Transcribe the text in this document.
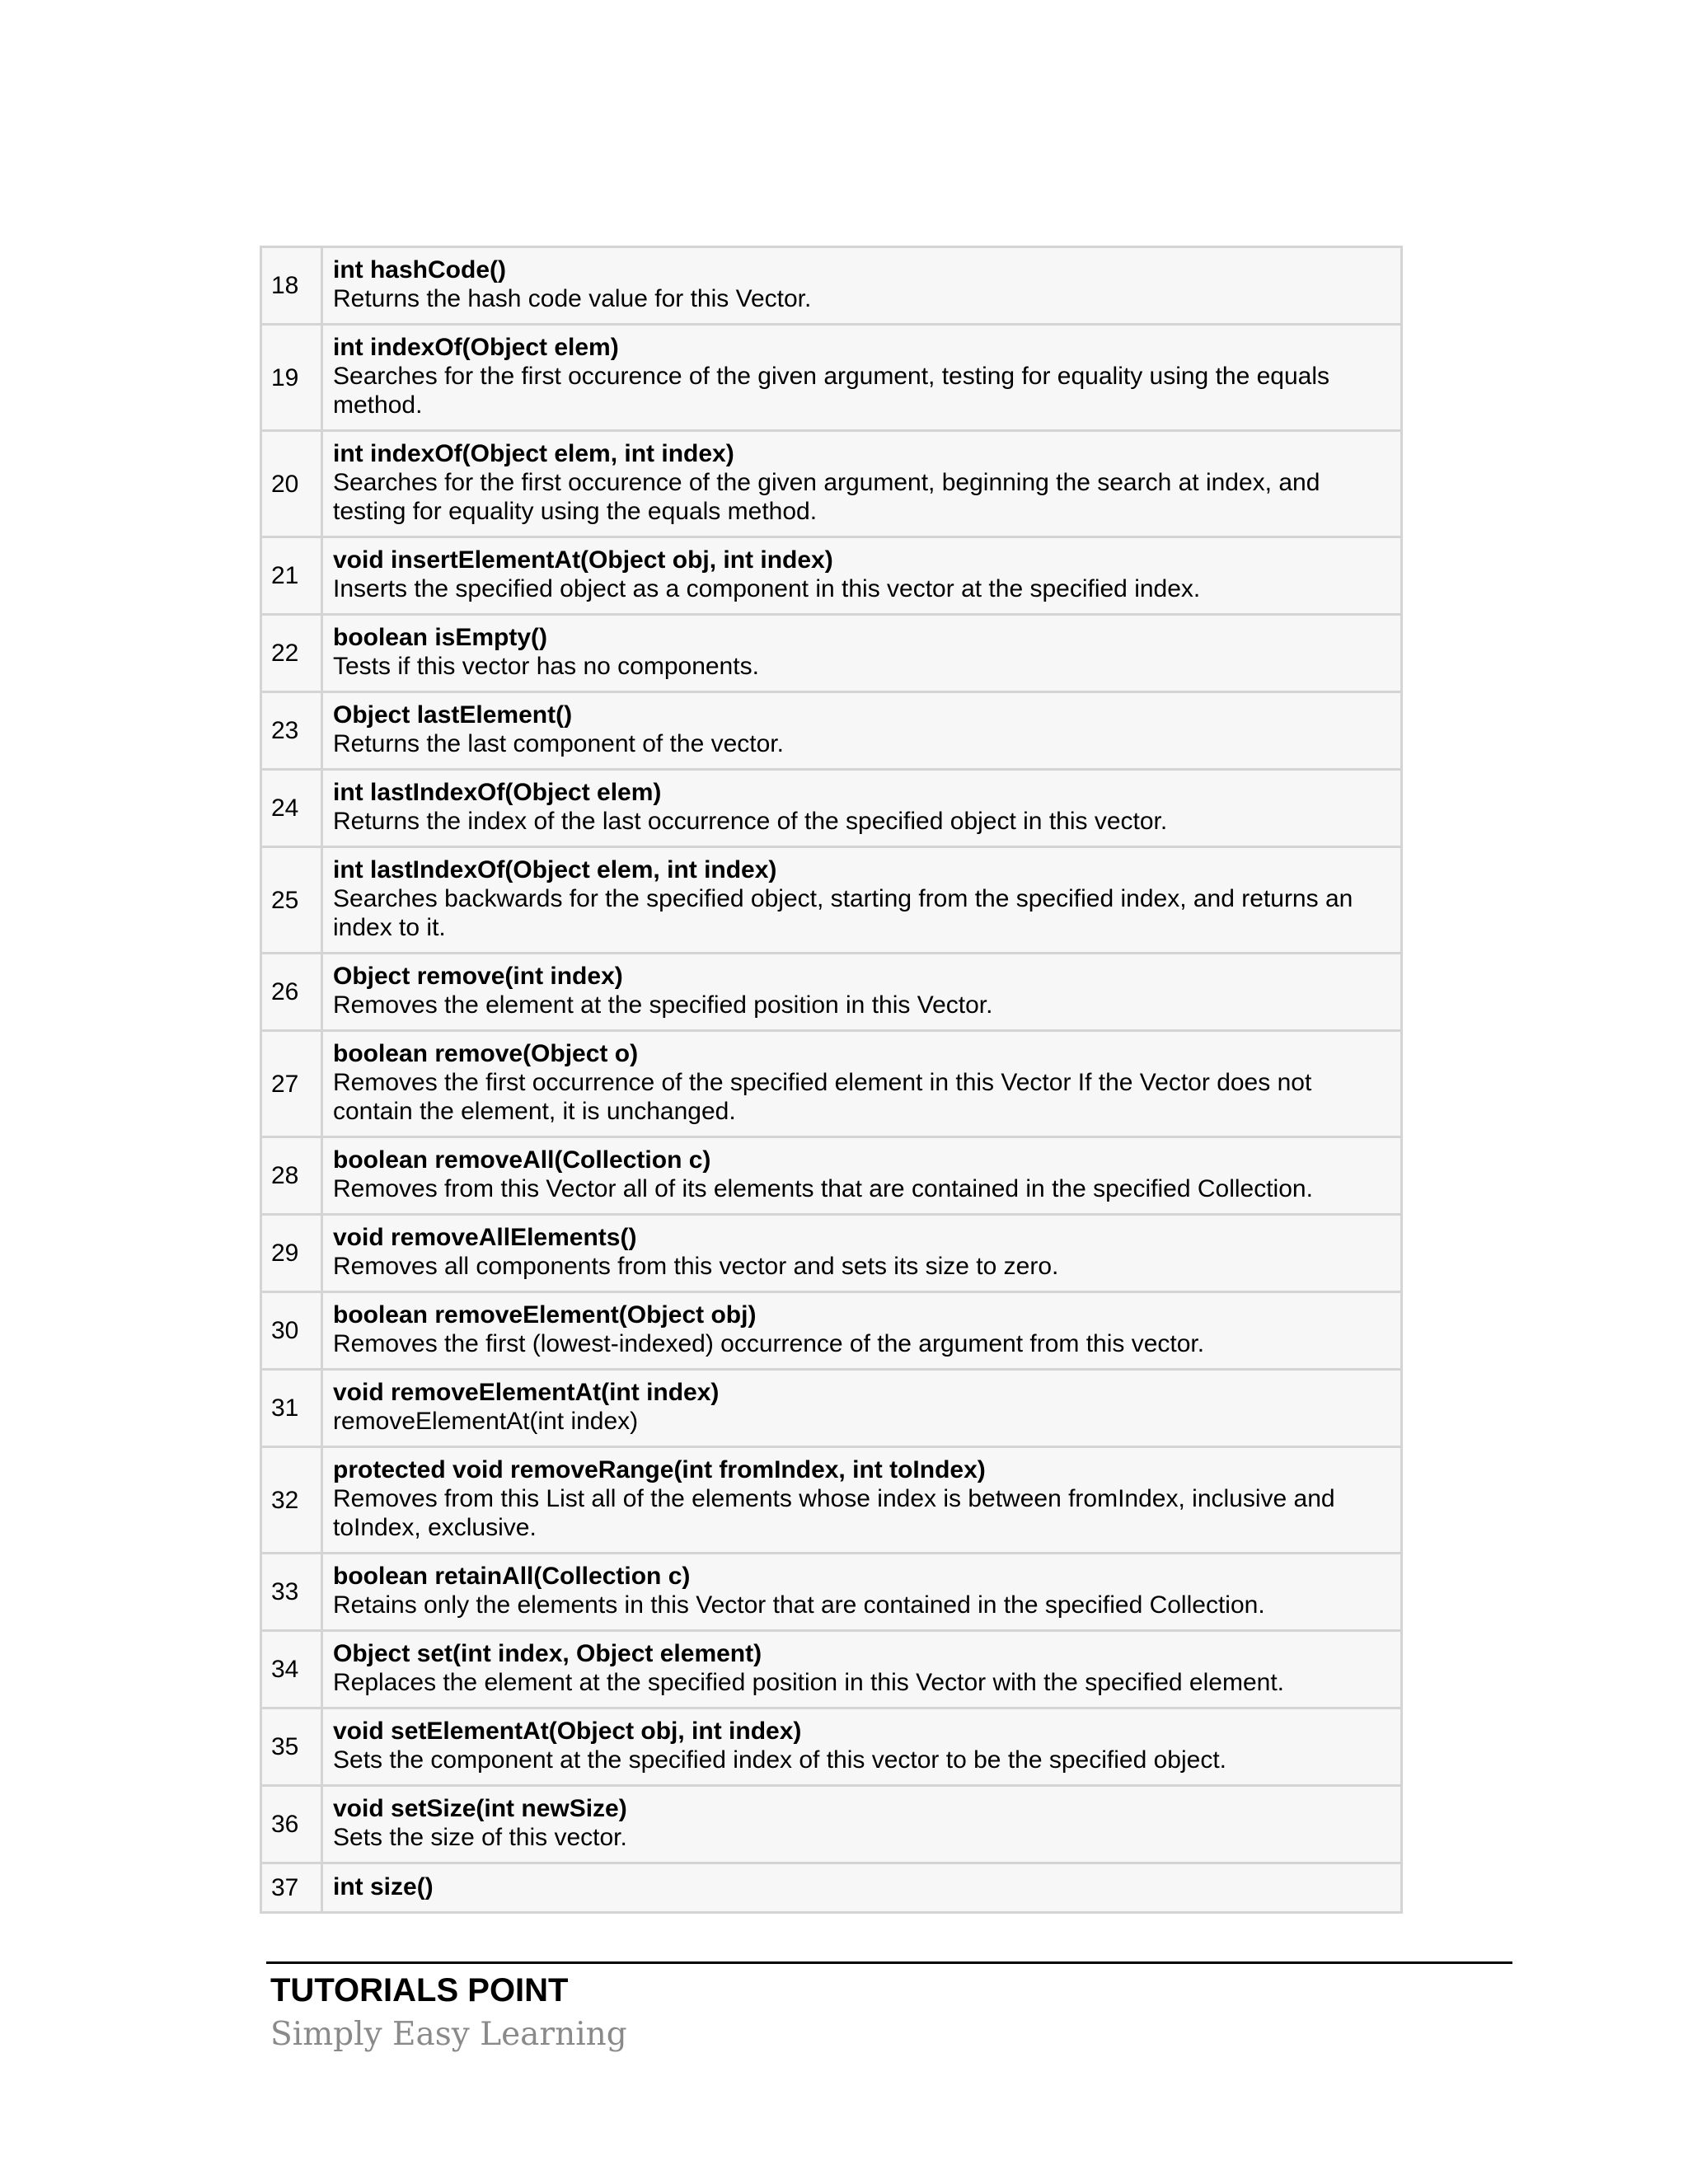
18	int hashCode()
Returns the hash code value for this Vector.

19	int indexOf(Object elem)
Searches for the first occurence of the given argument, testing for equality using the equals method.

20	int indexOf(Object elem, int index)
Searches for the first occurence of the given argument, beginning the search at index, and testing for equality using the equals method.

21	void insertElementAt(Object obj, int index)
Inserts the specified object as a component in this vector at the specified index.

22	boolean isEmpty()
Tests if this vector has no components.

23	Object lastElement()
Returns the last component of the vector.

24	int lastIndexOf(Object elem)
Returns the index of the last occurrence of the specified object in this vector.

25	int lastIndexOf(Object elem, int index)
Searches backwards for the specified object, starting from the specified index, and returns an index to it.

26	Object remove(int index)
Removes the element at the specified position in this Vector.

27	boolean remove(Object o)
Removes the first occurrence of the specified element in this Vector If the Vector does not contain the element, it is unchanged.

28	boolean removeAll(Collection c)
Removes from this Vector all of its elements that are contained in the specified Collection.

29	void removeAllElements()
Removes all components from this vector and sets its size to zero.

30	boolean removeElement(Object obj)
Removes the first (lowest-indexed) occurrence of the argument from this vector.

31	void removeElementAt(int index)
removeElementAt(int index)

32	protected void removeRange(int fromIndex, int toIndex)
Removes from this List all of the elements whose index is between fromIndex, inclusive and toIndex, exclusive.

33	boolean retainAll(Collection c)
Retains only the elements in this Vector that are contained in the specified Collection.

34	Object set(int index, Object element)
Replaces the element at the specified position in this Vector with the specified element.

35	void setElementAt(Object obj, int index)
Sets the component at the specified index of this vector to be the specified object.

36	void setSize(int newSize)
Sets the size of this vector.

37	int size()
TUTORIALS POINT
Simply Easy Learning
